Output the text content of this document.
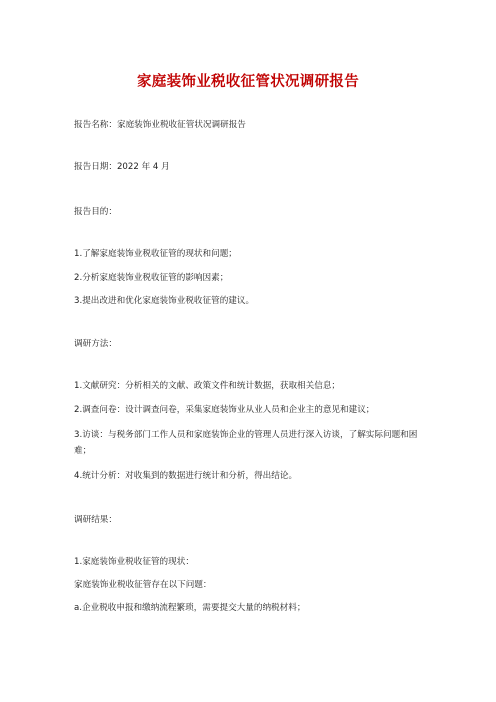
家庭装饰业税收征管状况调研报告
报告名称：家庭装饰业税收征管状况调研报告
报告日期：2022 年 4 月
报告目的：
1.了解家庭装饰业税收征管的现状和问题；
2.分析家庭装饰业税收征管的影响因素；
3.提出改进和优化家庭装饰业税收征管的建议。
调研方法：
1.文献研究：分析相关的文献、政策文件和统计数据，获取相关信息；
2.调查问卷：设计调查问卷，采集家庭装饰业从业人员和企业主的意见和建议；
3.访谈：与税务部门工作人员和家庭装饰企业的管理人员进行深入访谈，了解实际问题和困难；
4.统计分析：对收集到的数据进行统计和分析，得出结论。
调研结果：
1.家庭装饰业税收征管的现状：
家庭装饰业税收征管存在以下问题：
a.企业税收申报和缴纳流程繁琐，需要提交大量的纳税材料；
